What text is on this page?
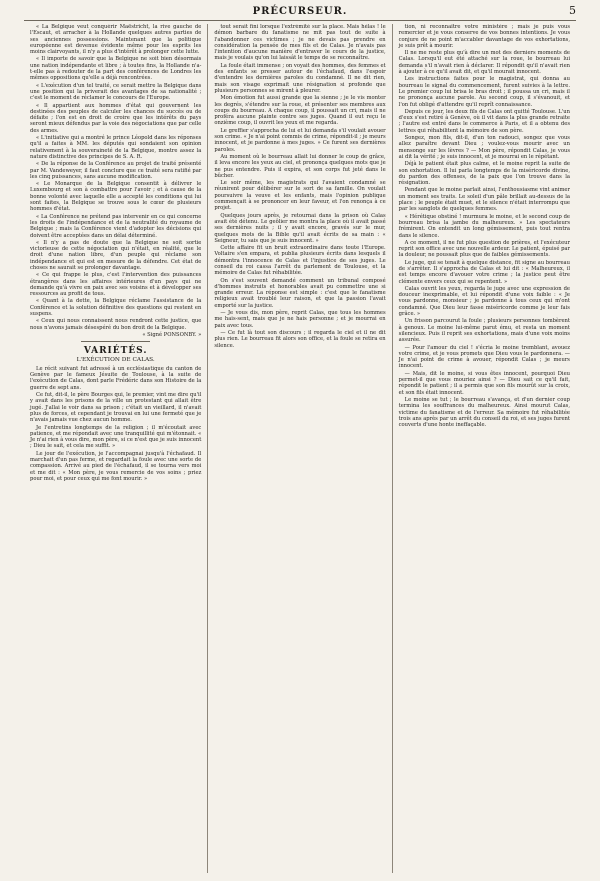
PRÉCURSEUR.	5

« La Belgique veut conquérir Maëstricht, la rive gauche de l'Escaut, et arracher à la Hollande quelques autres parties de ses anciennes possessions. Maintenant que la politique européenne est devenue évidente même pour les esprits les moins clairvoyants, il n'y a plus d'intérêt à prolonger cette lutte.

« Il importe de savoir que la Belgique ne soit bien désormais une nation indépendante et libre ; à toutes fins, la Hollande n'a-t-elle pas à redouter de la part des conférences de Londres les mêmes oppositions qu'elle a déjà rencontrées.

« L'exécution d'un tel traité, ce serait mettre la Belgique dans une position qui la priverait des avantages de sa nationalité ; c'est le moment de réclamer le concours de l'Europe.

« Il appartient aux hommes d'état qui gouvernent les destinées des peuples de calculer les chances du succès ou de défaite ; l'on est en droit de croire que les intérêts du pays seront mieux défendus par la voie des négociations que par celle des armes.

« L'initiative qui a montré le prince Léopold dans les réponses qu'il a faites à MM. les députés qui sondaient son opinion relativement à la souveraineté de la Belgique, montre assez la nature distinctive des principes de S. A. R.

« De la réponse de la Conférence au projet de traité présenté par M. Vandeweyer, il faut conclure que ce traité sera ratifié par les cinq puissances, sans aucune modification.

« Le Monarque de la Belgique consentit à délivrer le Luxembourg et son à combattre pour l'avoir ; et à cause de la bonne volonté avec laquelle elle a accepté les conditions qui lui sont faites, la Belgique se trouve sous le cœur de plusieurs hommes d'état.

« La Conférence ne prétend pas intervenir en ce qui concerne les droits de l'indépendance et de la neutralité du royaume de Belgique ; mais la Conférence vient d'adopter les décisions qui doivent être acceptées dans un délai déterminé.

« Il n'y a pas de doute que la Belgique ne soit sortie victorieuse de cette négociation qui n'était, en réalité, que le droit d'une nation libre, d'un peuple qui réclame son indépendance et qui est en mesure de la défendre. Cet état de choses ne saurait se prolonger davantage.

« Ce qui frappe le plus, c'est l'intervention des puissances étrangères dans les affaires intérieures d'un pays qui ne demande qu'à vivre en paix avec ses voisins et à développer ses ressources au profit de tous.

« Quant à la dette, la Belgique réclame l'assistance de la Conférence et la solution définitive des questions qui restent en suspens.

« Ceux qui nous connaissent nous rendront cette justice, que nous n'avons jamais désespéré du bon droit de la Belgique.

« Signé PONSONBY. »

VARIÉTÉS.
L'EXÉCUTION DE CALAS.

Le récit suivant fut adressé à un ecclésiastique du canton de Genève par le fameux Jésuite de Toulouse, à la suite de l'exécution de Calas, dont parle Frédéric dans son Histoire de la guerre de sept ans.

Ce fut, dit-il, le père Bourges qui, le premier, vint me dire qu'il y avait dans les prisons de la ville un protestant qui allait être jugé. J'allai le voir dans sa prison ; c'était un vieillard, il n'avait plus de forces, et cependant je trouvai en lui une fermeté que je n'avais jamais vue chez aucun homme.

Je l'entretins longtemps de la religion ; il m'écoutait avec patience, et me répondait avec une tranquillité qui m'étonnait. « Je n'ai rien à vous dire, mon père, si ce n'est que je suis innocent ; Dieu le sait, et cela me suffit. »

Le jour de l'exécution, je l'accompagnai jusqu'à l'échafaud. Il marchait d'un pas ferme, et regardait la foule avec une sorte de compassion. Arrivé au pied de l'échafaud, il se tourna vers moi et me dit : « Mon père, je vous remercie de vos soins ; priez pour moi, et pour ceux qui me font mourir. »

tout serait fini lorsque l'extrémité sur la place. Mais hélas ! le démon barbare du fanatisme ne mit pas tout de suite à l'abandonner ces victimes ; je ne devais pas prendre en considération la pensée de mes fils et de Calas. Je n'avais pas l'intention d'aucune manière d'entraver le cours de la justice, mais je voulais qu'on lui laissât le temps de se reconnaître.

La foule était immense ; on voyait des hommes, des femmes et des enfants se presser autour de l'échafaud, dans l'espoir d'entendre les dernières paroles du condamné. Il ne dit rien, mais son visage exprimait une résignation si profonde que plusieurs personnes se mirent à pleurer.

Mon émotion fut aussi grande que la sienne ; je le vis monter les degrés, s'étendre sur la roue, et présenter ses membres aux coups du bourreau. A chaque coup, il poussait un cri, mais il ne proféra aucune plainte contre ses juges. Quand il eut reçu le onzième coup, il ouvrit les yeux et me regarda.

Le greffier s'approcha de lui et lui demanda s'il voulait avouer son crime. « Je n'ai point commis de crime, répondit-il ; je meurs innocent, et je pardonne à mes juges. » Ce furent ses dernières paroles.

Au moment où le bourreau allait lui donner le coup de grâce, il leva encore les yeux au ciel, et prononça quelques mots que je ne pus entendre. Puis il expira, et son corps fut jeté dans le bûcher.

Le soir même, les magistrats qui l'avaient condamné se réunirent pour délibérer sur le sort de sa famille. On voulait poursuivre la veuve et les enfants, mais l'opinion publique commençait à se prononcer en leur faveur, et l'on renonça à ce projet.

Quelques jours après, je retournai dans la prison où Calas avait été détenu. Le geôlier me montra la place où il avait passé ses dernières nuits ; il y avait encore, gravés sur le mur, quelques mots de la Bible qu'il avait écrits de sa main : « Seigneur, tu sais que je suis innocent. »

Cette affaire fit un bruit extraordinaire dans toute l'Europe. Voltaire s'en empara, et publia plusieurs écrits dans lesquels il démontra l'innocence de Calas et l'injustice de ses juges. Le conseil du roi cassa l'arrêt du parlement de Toulouse, et la mémoire de Calas fut réhabilitée.

On s'est souvent demandé comment un tribunal composé d'hommes instruits et honorables avait pu commettre une si grande erreur. La réponse est simple : c'est que le fanatisme religieux avait troublé leur raison, et que la passion l'avait emporté sur la justice.

— Je vous dis, mon père, reprit Calas, que tous les hommes me hais-sent, mais que je ne hais personne ; et je mourrai en paix avec tous.

— Ce fut là tout son discours ; il regarda le ciel et il ne dit plus rien. Le bourreau fit alors son office, et la foule se retira en silence.

tion, ni reconnaître votre ministère ; mais je puis vous remercier et je vous conserve de vos bonnes intentions. Je vous conjure de ne point m'accabler davantage de vos exhortations, je suis prêt à mourir.

Il ne me reste plus qu'à dire un mot des derniers moments de Calas. Lorsqu'il eut été attaché sur la roue, le bourreau lui demanda s'il n'avait rien à déclarer. Il répondit qu'il n'avait rien à ajouter à ce qu'il avait dit, et qu'il mourait innocent.

Les instructions faites pour le magistrat, qui donna au bourreau le signal du commencement, furent suivies à la lettre. Le premier coup lui brisa le bras droit ; il poussa un cri, mais il ne prononça aucune parole. Au second coup, il s'évanouit, et l'on fut obligé d'attendre qu'il reprît connaissance.

Depuis ce jour, les deux fils de Calas ont quitté Toulouse. L'un d'eux s'est retiré à Genève, où il vit dans la plus grande retraite ; l'autre est entré dans le commerce à Paris, et il a obtenu des lettres qui réhabilitent la mémoire de son père.

Songez, mon fils, dit-il, d'un ton radouci, songez que vous allez paraître devant Dieu ; voulez-vous mourir avec un mensonge sur les lèvres ? — Mon père, répondit Calas, je vous ai dit la vérité ; je suis innocent, et je mourrai en le répétant.

Déjà le patient était plus calme, et le moine reprit la suite de son exhortation. Il lui parla longtemps de la miséricorde divine, du pardon des offenses, de la paix que l'on trouve dans la résignation.

Pendant que le moine parlait ainsi, l'enthousiasme vint animer un moment ses traits. Le soleil d'un pâle brillait au-dessus de la place ; le peuple était muet, et le silence n'était interrompu que par les sanglots de quelques femmes.

« Hérétique obstiné ! murmura le moine, et le second coup de bourreau brisa la jambe du malheureux. » Les spectateurs frémirent. On entendit un long gémissement, puis tout rentra dans le silence.

A ce moment, il ne fut plus question de prières, et l'exécuteur reprit son office avec une nouvelle ardeur. Le patient, épuisé par la douleur, ne poussait plus que de faibles gémissements.

Le juge, qui se tenait à quelque distance, fit signe au bourreau de s'arrêter. Il s'approcha de Calas et lui dit : « Malheureux, il est temps encore d'avouer votre crime ; la justice peut être clémente envers ceux qui se repentent. »

Calas ouvrit les yeux, regarda le juge avec une expression de douceur inexprimable, et lui répondit d'une voix faible : « Je vous pardonne, monsieur ; je pardonne à tous ceux qui m'ont condamné. Que Dieu leur fasse miséricorde comme je leur fais grâce. »

Un frisson parcourut la foule ; plusieurs personnes tombèrent à genoux. Le moine lui-même parut ému, et resta un moment silencieux. Puis il reprit ses exhortations, mais d'une voix moins assurée.

— Pour l'amour du ciel ! s'écria le moine tremblant, avouez votre crime, et je vous promets que Dieu vous le pardonnera. — Je n'ai point de crime à avouer, répondit Calas ; je meurs innocent.

— Mais, dit le moine, si vous êtes innocent, pourquoi Dieu permet-il que vous mouriez ainsi ? — Dieu sait ce qu'il fait, répondit le patient ; il a permis que son fils mourût sur la croix, et son fils était innocent.

Le moine se tut ; le bourreau s'avança, et d'un dernier coup termina les souffrances du malheureux. Ainsi mourut Calas, victime du fanatisme et de l'erreur. Sa mémoire fut réhabilitée trois ans après par un arrêt du conseil du roi, et ses juges furent couverts d'une honte ineffaçable.
